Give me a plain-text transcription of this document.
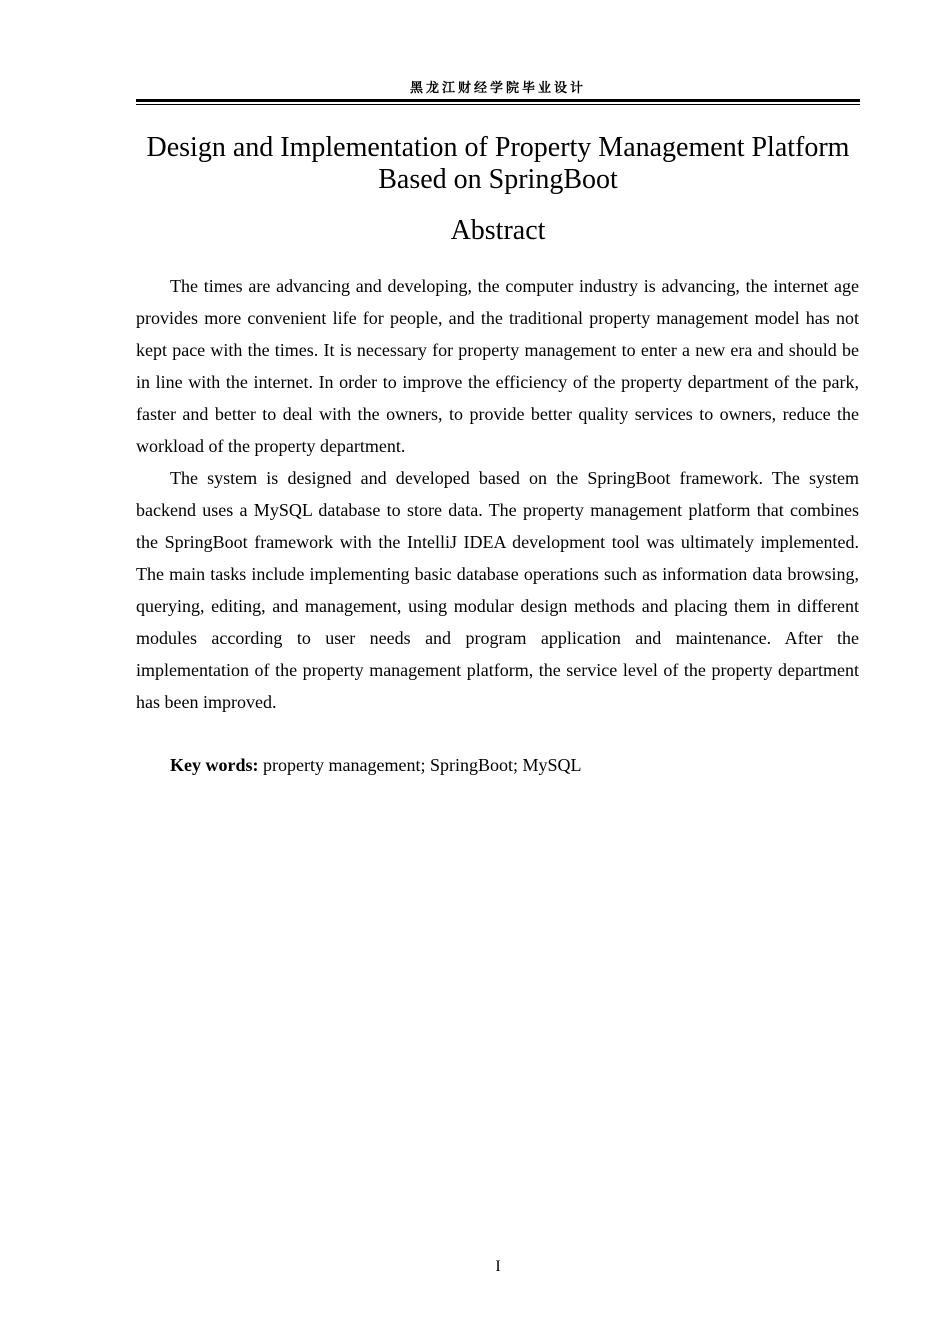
黑龙江财经学院毕业设计
Design and Implementation of Property Management Platform
Based on SpringBoot
Abstract

The times are advancing and developing, the computer industry is advancing, the internet age provides more convenient life for people, and the traditional property management model has not kept pace with the times. It is necessary for property management to enter a new era and should be in line with the internet. In order to improve the efficiency of the property department of the park, faster and better to deal with the owners, to provide better quality services to owners, reduce the workload of the property department.

The system is designed and developed based on the SpringBoot framework. The system backend uses a MySQL database to store data. The property management platform that combines the SpringBoot framework with the IntelliJ IDEA development tool was ultimately implemented. The main tasks include implementing basic database operations such as information data browsing, querying, editing, and management, using modular design methods and placing them in different modules according to user needs and program application and maintenance. After the implementation of the property management platform, the service level of the property department has been improved.

Key words: property management; SpringBoot; MySQL
I
